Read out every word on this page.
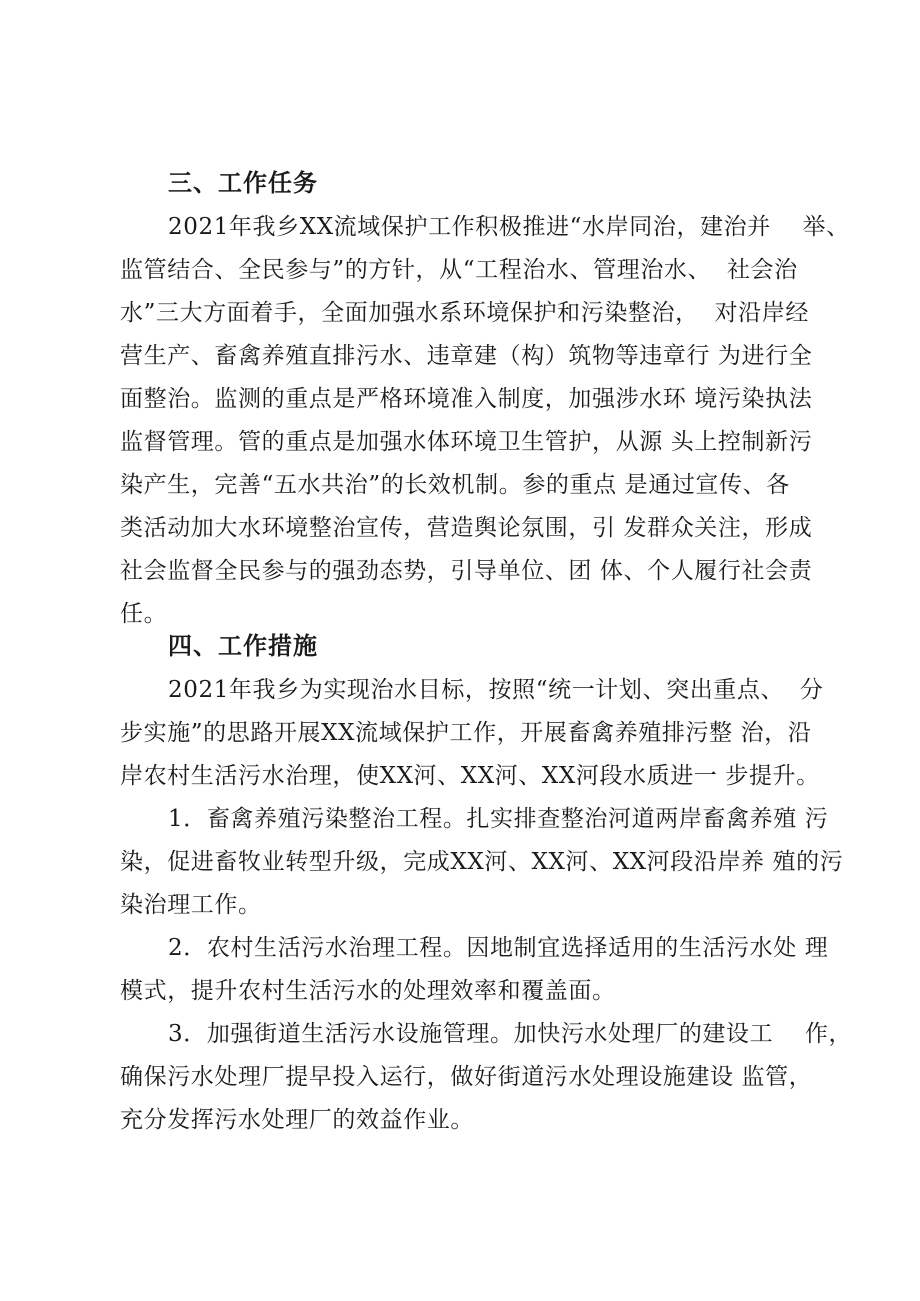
三、工作任务
2021年我乡XX流域保护工作积极推进“水岸同治，建治并    举、
监管结合、全民参与”的方针，从“工程治水、管理治水、  社会治
水”三大方面着手，全面加强水系环境保护和污染整治，  对沿岸经
营生产、畜禽养殖直排污水、违章建（构）筑物等违章行 为进行全
面整治。监测的重点是严格环境准入制度，加强涉水环 境污染执法
监督管理。管的重点是加强水体环境卫生管护，从源 头上控制新污
染产生，完善“五水共治”的长效机制。参的重点 是通过宣传、各
类活动加大水环境整治宣传，营造舆论氛围，引 发群众关注，形成
社会监督全民参与的强劲态势，引导单位、团 体、个人履行社会责
任。
四、工作措施
2021年我乡为实现治水目标，按照“统一计划、突出重点、  分
步实施”的思路开展XX流域保护工作，开展畜禽养殖排污整 治，沿
岸农村生活污水治理，使XX河、XX河、XX河段水质进一 步提升。
1．畜禽养殖污染整治工程。扎实排查整治河道两岸畜禽养殖 污
染，促进畜牧业转型升级，完成XX河、XX河、XX河段沿岸养 殖的污
染治理工作。
2．农村生活污水治理工程。因地制宜选择适用的生活污水处 理
模式，提升农村生活污水的处理效率和覆盖面。
3．加强街道生活污水设施管理。加快污水处理厂的建设工    作，
确保污水处理厂提早投入运行，做好街道污水处理设施建设 监管，
充分发挥污水处理厂的效益作业。
